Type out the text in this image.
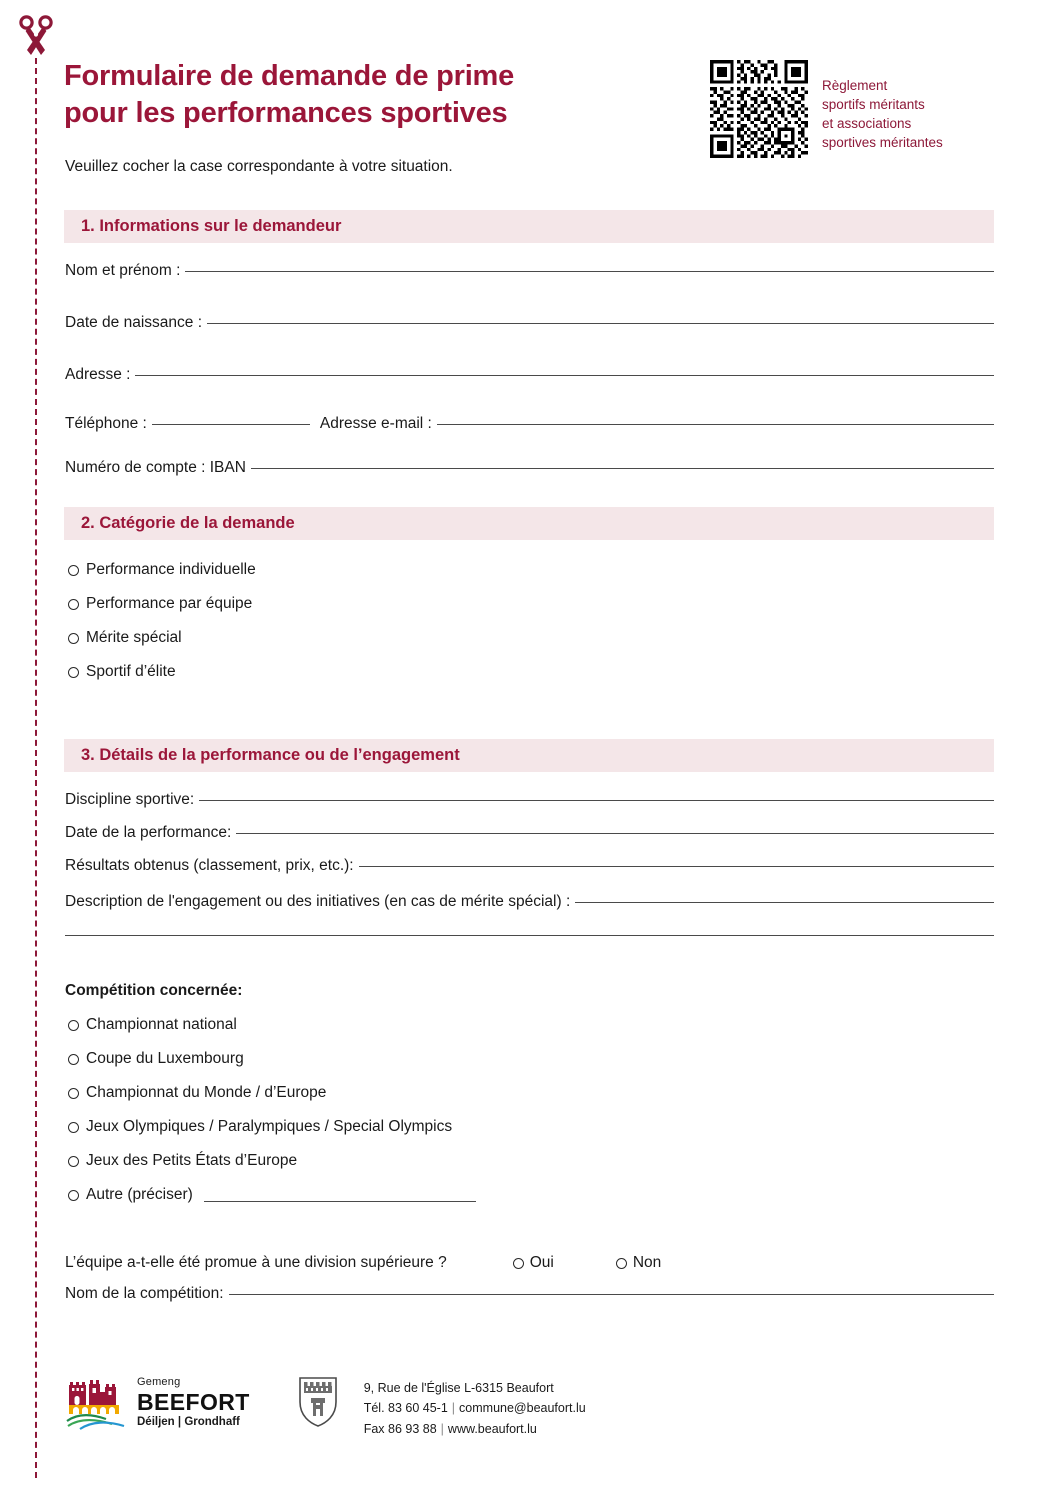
Formulaire de demande de prime
pour les performances sportives
Veuillez cocher la case correspondante à votre situation.
Règlement
sportifs méritants
et associations
sportives méritantes
1. Informations sur le demandeur
Nom et prénom :
Date de naissance :
Adresse :
Téléphone :	Adresse e-mail :
Numéro de compte : IBAN
2. Catégorie de la demande
Performance individuelle
Performance par équipe
Mérite spécial
Sportif d’élite
3. Détails de la performance ou de l’engagement
Discipline sportive:
Date de la performance:
Résultats obtenus (classement, prix, etc.):
Description de l'engagement ou des initiatives (en cas de mérite spécial) :
Compétition concernée:
Championnat national
Coupe du Luxembourg
Championnat du Monde / d’Europe
Jeux Olympiques / Paralympiques / Special Olympics
Jeux des Petits États d’Europe
Autre (préciser)
L’équipe a-t-elle été promue à une division supérieure ?	Oui	Non
Nom de la compétition:
Gemeng
BEEFORT
Déiljen | Grondhaff
9, Rue de l'Église L-6315 Beaufort
Tél. 83 60 45-1 | commune@beaufort.lu
Fax 86 93 88 | www.beaufort.lu
